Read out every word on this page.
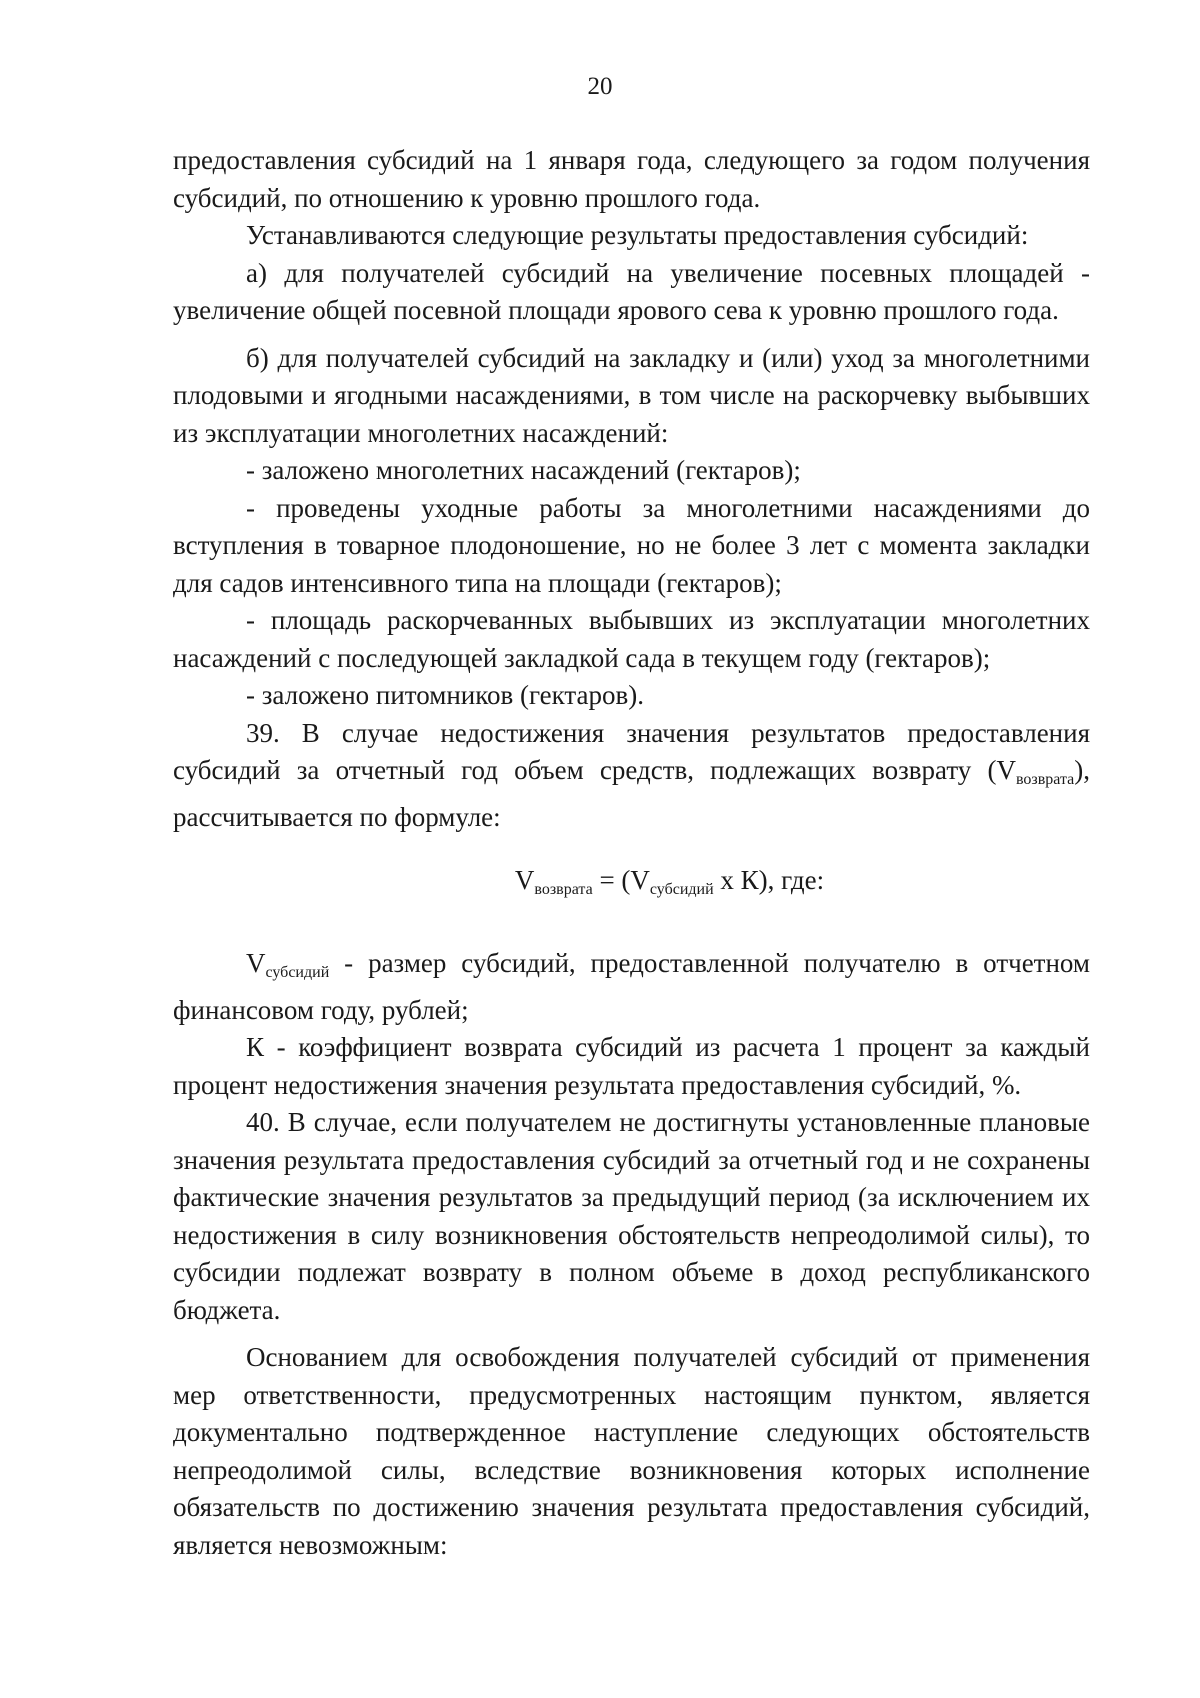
20

предоставления субсидий на 1 января года, следующего за годом получения субсидий, по отношению к уровню прошлого года.

Устанавливаются следующие результаты предоставления субсидий:

а) для получателей субсидий на увеличение посевных площадей - увеличение общей посевной площади ярового сева к уровню прошлого года.

б) для получателей субсидий на закладку и (или) уход за многолетними плодовыми и ягодными насаждениями, в том числе на раскорчевку выбывших из эксплуатации многолетних насаждений:

- заложено многолетних насаждений (гектаров);

- проведены уходные работы за многолетними насаждениями до вступления в товарное плодоношение, но не более 3 лет с момента закладки для садов интенсивного типа на площади (гектаров);

- площадь раскорчеванных выбывших из эксплуатации многолетних насаждений с последующей закладкой сада в текущем году (гектаров);

- заложено питомников (гектаров).

39. В случае недостижения значения результатов предоставления субсидий за отчетный год объем средств, подлежащих возврату $(V_{возврата})$, рассчитывается по формуле:

$V_{возврата} = (V_{субсидий}$ x К), где:

$V_{субсидий}$ - размер субсидий, предоставленной получателю в отчетном финансовом году, рублей;

К - коэффициент возврата субсидий из расчета 1 процент за каждый процент недостижения значения результата предоставления субсидий, %.

40. В случае, если получателем не достигнуты установленные плановые значения результата предоставления субсидий за отчетный год и не сохранены фактические значения результатов за предыдущий период (за исключением их недостижения в силу возникновения обстоятельств непреодолимой силы), то субсидии подлежат возврату в полном объеме в доход республиканского бюджета.

Основанием для освобождения получателей субсидий от применения мер ответственности, предусмотренных настоящим пунктом, является документально подтвержденное наступление следующих обстоятельств непреодолимой силы, вследствие возникновения которых исполнение обязательств по достижению значения результата предоставления субсидий, является невозможным:
